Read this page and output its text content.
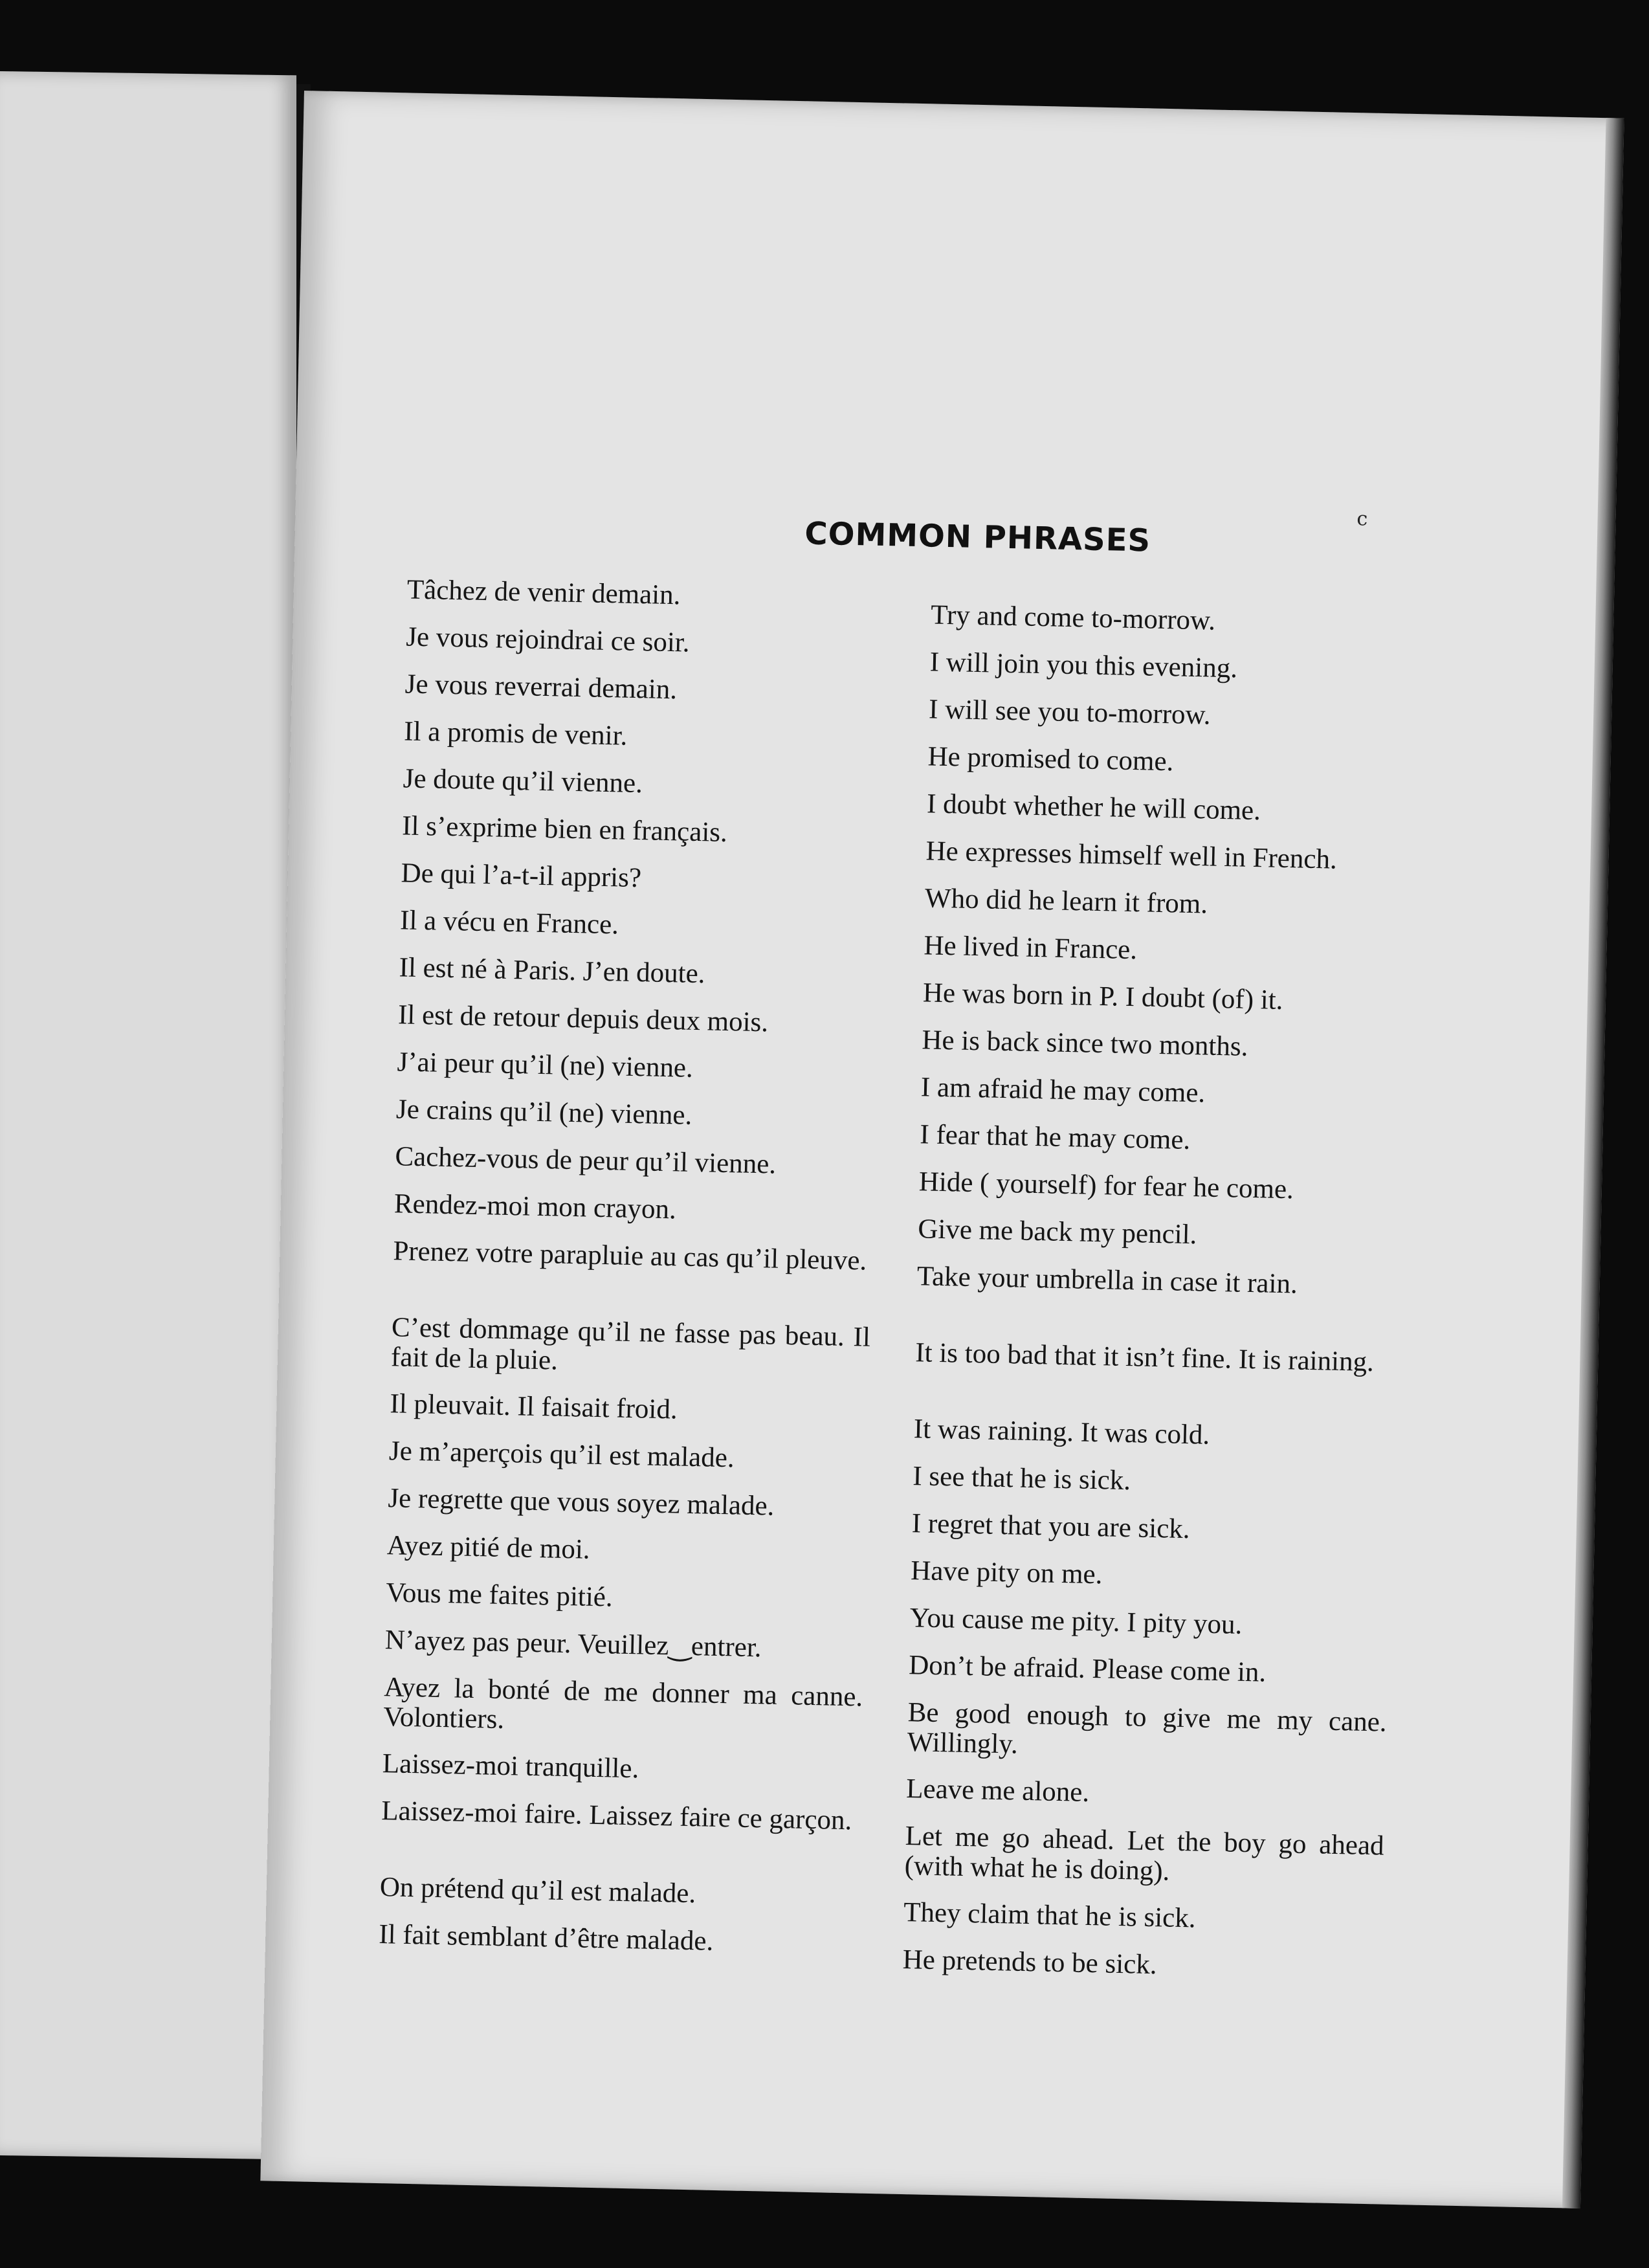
c
COMMON PHRASES
Tâchez de venir demain.
Try and come to-morrow.
Je vous rejoindrai ce soir.
I will join you this evening.
Je vous reverrai demain.
I will see you to-morrow.
Il a promis de venir.
He promised to come.
Je doute qu’il vienne.
I doubt whether he will come.
Il s’exprime bien en français.
He expresses himself well in French.
De qui l’a-t-il appris?
Who did he learn it from.
Il a vécu en France.
He lived in France.
Il est né à Paris. J’en doute.
He was born in P. I doubt (of) it.
Il est de retour depuis deux mois.
He is back since two months.
J’ai peur qu’il (ne) vienne.
I am afraid he may come.
Je crains qu’il (ne) vienne.
I fear that he may come.
Cachez-vous de peur qu’il vienne.
Hide ( yourself) for fear he come.
Rendez-moi mon crayon.
Give me back my pencil.
Prenez votre parapluie au cas qu’il pleuve.
Take your umbrella in case it rain.
C’est dommage qu’il ne fasse pas beau. Il fait de la pluie.	It is too bad that it isn’t fine. It is raining.
Il pleuvait. Il faisait froid.
It was raining. It was cold.
Je m’aperçois qu’il est malade.
I see that he is sick.
Je regrette que vous soyez malade.
I regret that you are sick.
Ayez pitié de moi.
Have pity on me.
Vous me faites pitié.
You cause me pity. I pity you.
N’ayez pas peur. Veuillez‿entrer.
Don’t be afraid. Please come in.
Ayez la bonté de me donner ma canne. Volontiers.	Be good enough to give me my cane. Willingly.
Laissez-moi tranquille.
Leave me alone.
Laissez-moi faire. Laissez faire ce garçon.
Let me go ahead. Let the boy go ahead (with what he is doing).
On prétend qu’il est malade.
They claim that he is sick.
Il fait semblant d’être malade.
He pretends to be sick.
